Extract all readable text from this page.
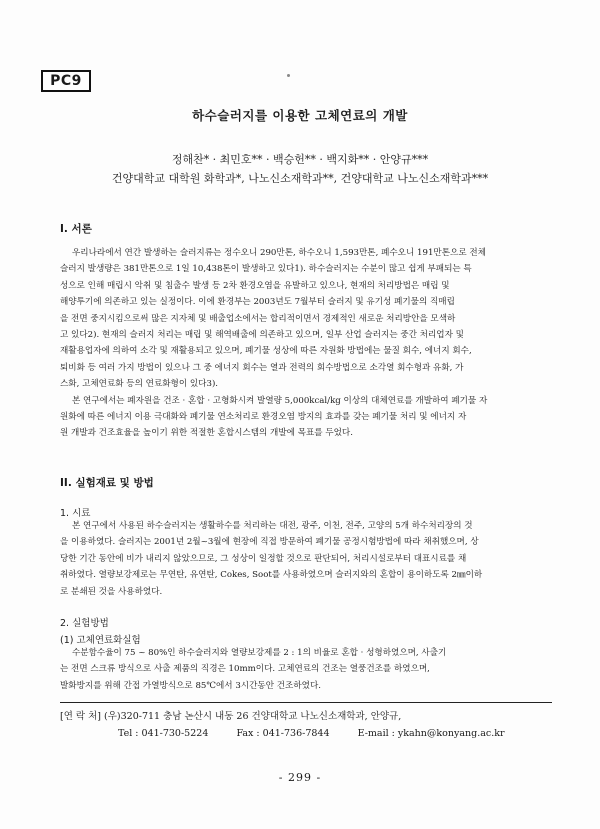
PC9
하수슬러지를 이용한 고체연료의 개발
정해찬* · 최민호** · 백승헌** · 백지화** · 안양규***
건양대학교 대학원 화학과*, 나노신소재학과**, 건양대학교 나노신소재학과***
I. 서론
우리나라에서 연간 발생하는 슬러지류는 정수오니 290만톤, 하수오니 1,593만톤, 폐수오니 191만톤으로 전체
슬러지 발생량은 381만톤으로 1일 10,438톤이 발생하고 있다1). 하수슬러지는 수분이 많고 쉽게 부패되는 특
성으로 인해 매립시 악취 및 침출수 발생 등 2차 환경오염을 유발하고 있으나, 현재의 처리방법은 매립 및
해양투기에 의존하고 있는 실정이다. 이에 환경부는 2003년도 7월부터 슬러지 및 유기성 폐기물의 직매립
을 전면 중지시킴으로써 많은 지자체 및 배출업소에서는 합리적이면서 경제적인 새로운 처리방안을 모색하
고 있다2). 현재의 슬러지 처리는 매립 및 해역배출에 의존하고 있으며, 일부 산업 슬러지는 중간 처리업자 및
재활용업자에 의하여 소각 및 재활용되고 있으며, 폐기물 성상에 따른 자원화 방법에는 물질 회수, 에너지 회수,
퇴비화 등 여러 가지 방법이 있으나 그 중 에너지 회수는 열과 전력의 회수방법으로 소각열 회수형과 유화, 가
스화, 고체연료화 등의 연료화형이 있다3).
본 연구에서는 폐자원을 건조 · 혼합 · 고형화시켜 발열량 5,000kcal/kg 이상의 대체연료를 개발하여 폐기물 자
원화에 따른 에너지 이용 극대화와 폐기물 연소처리로 환경오염 방지의 효과를 갖는 폐기물 처리 및 에너지 자
원 개발과 건조효율을 높이기 위한 적절한 혼합시스템의 개발에 목표를 두었다.
II. 실험재료 및 방법
1. 시료
본 연구에서 사용된 하수슬러지는 생활하수를 처리하는 대전, 광주, 이천, 전주, 고양의 5개 하수처리장의 것
을 이용하였다. 슬러지는 2001년 2월~3월에 현장에 직접 방문하여 폐기물 공정시험방법에 따라 채취했으며, 상
당한 기간 동안에 비가 내리지 않았으므로, 그 성상이 일정할 것으로 판단되어, 처리시설로부터 대표시료를 채
취하였다. 열량보강제로는 무연탄, 유연탄, Cokes, Soot를 사용하였으며 슬러지와의 혼합이 용이하도록 2㎜이하
로 분쇄된 것을 사용하였다.
2. 실험방법
(1) 고체연료화실험
수분함수율이 75 ~ 80%인 하수슬러지와 열량보강제를 2 : 1의 비율로 혼합 · 성형하였으며, 사출기
는 전면 스크류 방식으로 사출 제품의 직경은 10mm이다. 고체연료의 건조는 열풍건조를 하였으며,
발화방지를 위해 간접 가열방식으로 85℃에서 3시간동안 건조하였다.
[연 락 처] (우)320-711 충남 논산시 내동 26 건양대학교 나노신소재학과, 안양규,
Tel : 041-730-5224	Fax : 041-736-7844	E-mail : ykahn@konyang.ac.kr
- 299 -
